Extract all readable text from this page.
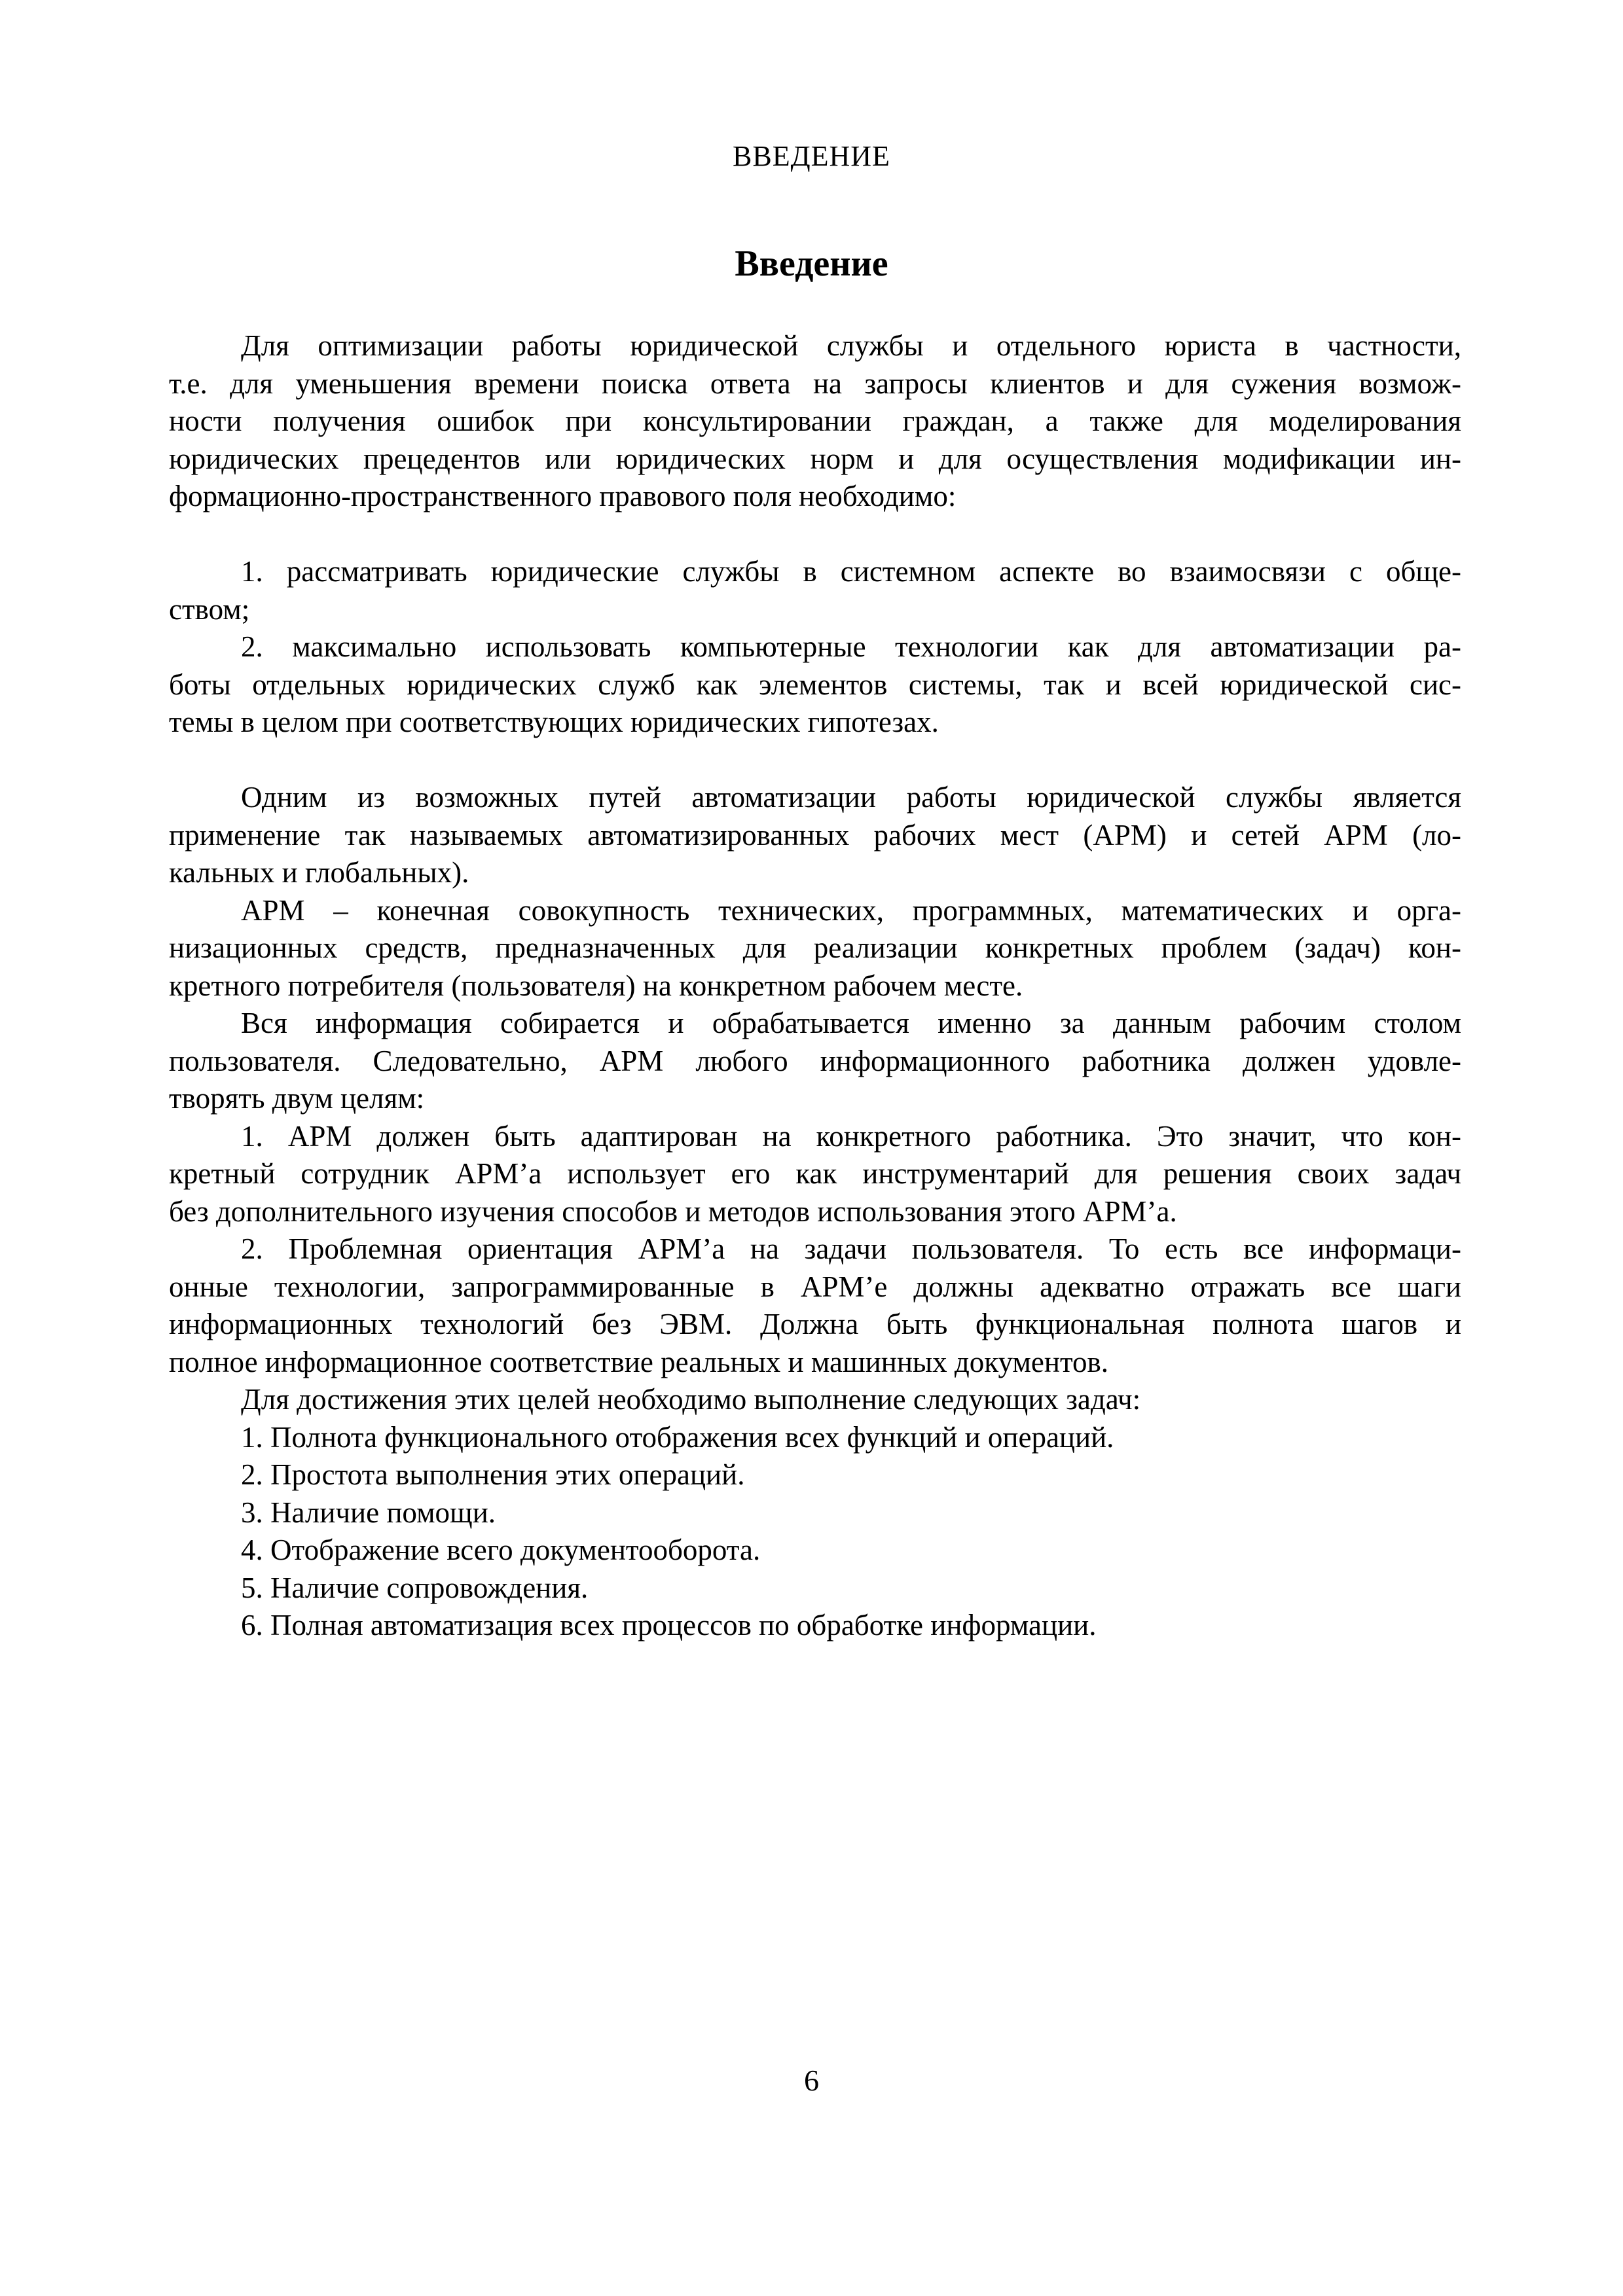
ВВЕДЕНИЕ
Введение
Для оптимизации работы юридической службы и отдельного юриста в частности,
т.е. для уменьшения времени поиска ответа на запросы клиентов и для сужения возмож-
ности получения ошибок при консультировании граждан, а также для моделирования
юридических прецедентов или юридических норм и для осуществления модификации ин-
формационно-пространственного правового поля необходимо:
1. рассматривать юридические службы в системном аспекте во взаимосвязи с обще-
ством;
2. максимально использовать компьютерные технологии как для автоматизации ра-
боты отдельных юридических служб как элементов системы, так и всей юридической сис-
темы в целом при соответствующих юридических гипотезах.
Одним из возможных путей автоматизации работы юридической службы является
применение так называемых автоматизированных рабочих мест (АРМ) и сетей АРМ (ло-
кальных и глобальных).
АРМ – конечная совокупность технических, программных, математических и орга-
низационных средств, предназначенных для реализации конкретных проблем (задач) кон-
кретного потребителя (пользователя) на конкретном рабочем месте.
Вся информация собирается и обрабатывается именно за данным рабочим столом
пользователя. Следовательно, АРМ любого информационного работника должен удовле-
творять двум целям:
1. АРМ должен быть адаптирован на конкретного работника. Это значит, что кон-
кретный сотрудник АРМ’а использует его как инструментарий для решения своих задач
без дополнительного изучения способов и методов использования этого АРМ’а.
2. Проблемная ориентация АРМ’а на задачи пользователя. То есть все информаци-
онные технологии, запрограммированные в АРМ’е должны адекватно отражать все шаги
информационных технологий без ЭВМ. Должна быть функциональная полнота шагов и
полное информационное соответствие реальных и машинных документов.
Для достижения этих целей необходимо выполнение следующих задач:
1. Полнота функционального отображения всех функций и операций.
2. Простота выполнения этих операций.
3. Наличие помощи.
4. Отображение всего документооборота.
5. Наличие сопровождения.
6. Полная автоматизация всех процессов по обработке информации.
6
